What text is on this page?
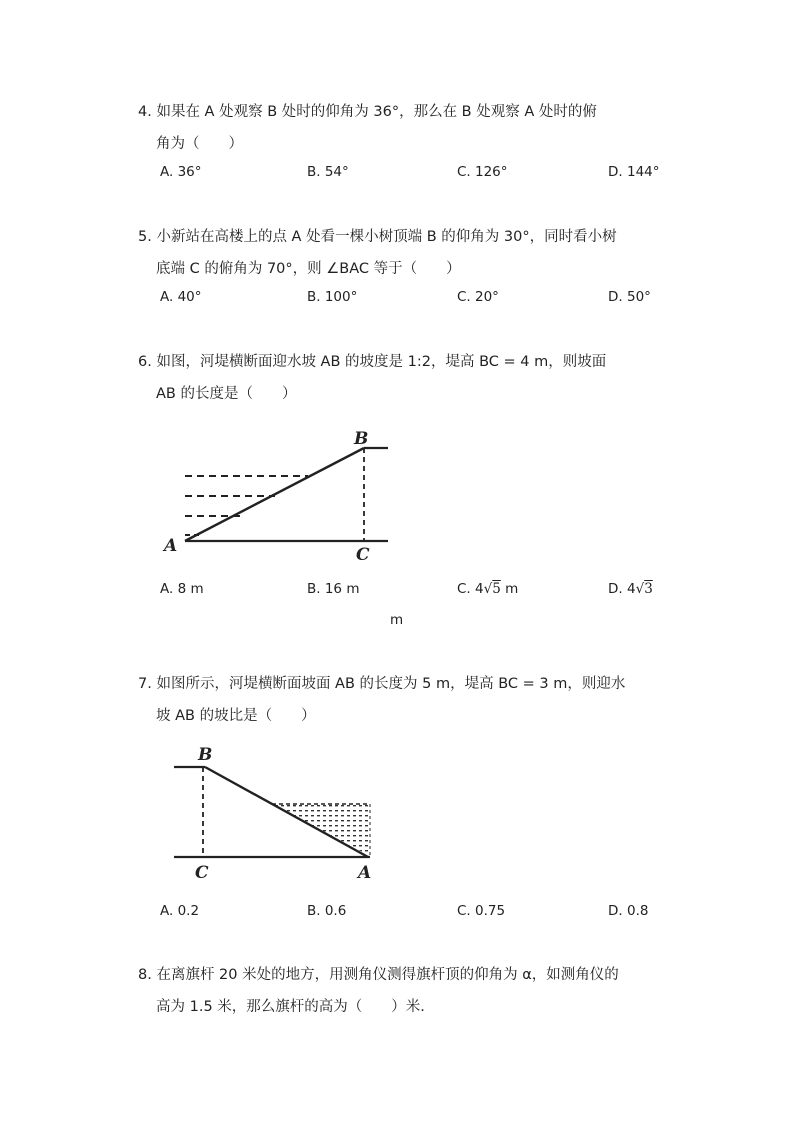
4. 如果在 A 处观察 B 处时的仰角为 36°，那么在 B 处观察 A 处时的俯
角为（　　）
A. 36°	B. 54°	C. 126°	D. 144°
5. 小新站在高楼上的点 A 处看一棵小树顶端 B 的仰角为 30°，同时看小树
底端 C 的俯角为 70°，则 ∠BAC 等于（　　）
A. 40°	B. 100°	C. 20°	D. 50°
6. 如图，河堤横断面迎水坡 AB 的坡度是 1:2，堤高 BC = 4 m，则坡面
AB 的长度是（　　）
B
A	C
A. 8 m	B. 16 m	C. 4√5 m	D. 4√3
m
7. 如图所示，河堤横断面坡面 AB 的长度为 5 m，堤高 BC = 3 m，则迎水
坡 AB 的坡比是（　　）
B
C	A
A. 0.2	B. 0.6	C. 0.75	D. 0.8
8. 在离旗杆 20 米处的地方，用测角仪测得旗杆顶的仰角为 α，如测角仪的
高为 1.5 米，那么旗杆的高为（　　）米.
